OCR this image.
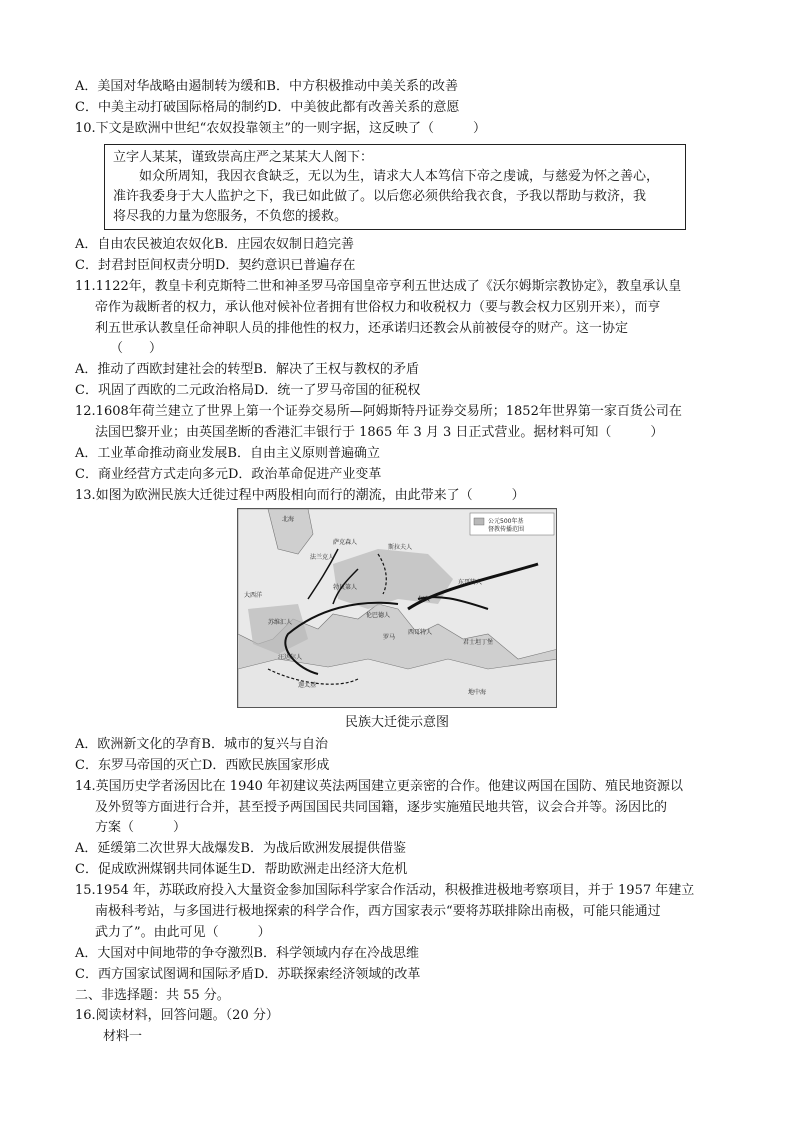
A．美国对华战略由遏制转为缓和B．中方积极推动中美关系的改善
C．中美主动打破国际格局的制约D．中美彼此都有改善关系的意愿
10.下文是欧洲中世纪“农奴投靠领主”的一则字据，这反映了（　　　）
立字人某某，谨致崇高庄严之某某大人阁下：
　　如众所周知，我因衣食缺乏，无以为生，请求大人本笃信下帝之虔诚，与慈爱为怀之善心，
准许我委身于大人监护之下，我已如此做了。以后您必须供给我衣食，予我以帮助与救济，我
将尽我的力量为您服务，不负您的援救。
A．自由农民被迫农奴化B．庄园农奴制日趋完善
C．封君封臣间权责分明D．契约意识已普遍存在
11.1122年，教皇卡利克斯特二世和神圣罗马帝国皇帝亨利五世达成了《沃尔姆斯宗教协定》，教皇承认皇
帝作为裁断者的权力，承认他对候补位者拥有世俗权力和收税权力（要与教会权力区别开来），而亨
利五世承认教皇任命神职人员的排他性的权力，还承诺归还教会从前被侵夺的财产。这一协定
（　　）
A．推动了西欧封建社会的转型B．解决了王权与教权的矛盾
C．巩固了西欧的二元政治格局D．统一了罗马帝国的征税权
12.1608年荷兰建立了世界上第一个证券交易所—阿姆斯特丹证券交易所；1852年世界第一家百货公司在
法国巴黎开业；由英国垄断的香港汇丰银行于 1865 年 3 月 3 日正式营业。据材料可知（　　　）
A．工业革命推动商业发展B．自由主义原则普遍确立
C．商业经营方式走向多元D．政治革命促进产业变革
13.如图为欧洲民族大迁徙过程中两股相向而行的潮流，由此带来了（　　　）
公元500年基
督教传播范围
北海
大西洋
地中海
法兰克人
萨克森人
伦巴德人
东哥特人
西哥特人
匈人
汪达尔人
罗马
君士坦丁堡
勃艮第人
斯拉夫人
苏维汇人
迦太基
民族大迁徙示意图
A．欧洲新文化的孕育B．城市的复兴与自治
C．东罗马帝国的灭亡D．西欧民族国家形成
14.英国历史学者汤因比在 1940 年初建议英法两国建立更亲密的合作。他建议两国在国防、殖民地资源以
及外贸等方面进行合并，甚至授予两国国民共同国籍，逐步实施殖民地共管，议会合并等。汤因比的
方案（　　　）
A．延缓第二次世界大战爆发B．为战后欧洲发展提供借鉴
C．促成欧洲煤钢共同体诞生D．帮助欧洲走出经济大危机
15.1954 年，苏联政府投入大量资金参加国际科学家合作活动，积极推进极地考察项目，并于 1957 年建立
南极科考站，与多国进行极地探索的科学合作，西方国家表示“要将苏联排除出南极，可能只能通过
武力了”。由此可见（　　　）
A．大国对中间地带的争夺激烈B．科学领域内存在冷战思维
C．西方国家试图调和国际矛盾D．苏联探索经济领域的改革
二、非选择题：共 55 分。
16.阅读材料，回答问题。（20 分）
材料一
